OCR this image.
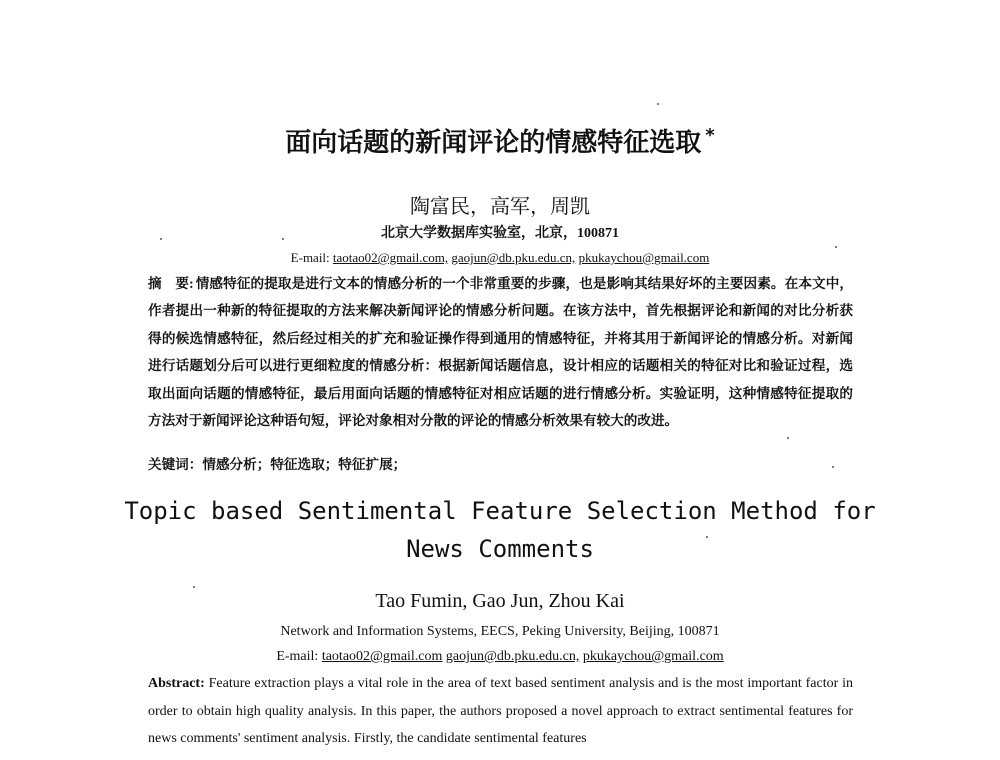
面向话题的新闻评论的情感特征选取 *
陶富民，高军，周凯
北京大学数据库实验室，北京，100871
E-mail: taotao02@gmail.com, gaojun@db.pku.edu.cn, pkukaychou@gmail.com
摘　要: 情感特征的提取是进行文本的情感分析的一个非常重要的步骤，也是影响其结果好坏的主要因素。在本文中，作者提出一种新的特征提取的方法来解决新闻评论的情感分析问题。在该方法中，首先根据评论和新闻的对比分析获得的候选情感特征，然后经过相关的扩充和验证操作得到通用的情感特征，并将其用于新闻评论的情感分析。对新闻进行话题划分后可以进行更细粒度的情感分析：根据新闻话题信息，设计相应的话题相关的特征对比和验证过程，选取出面向话题的情感特征，最后用面向话题的情感特征对相应话题的进行情感分析。实验证明，这种情感特征提取的方法对于新闻评论这种语句短，评论对象相对分散的评论的情感分析效果有较大的改进。
关键词：情感分析；特征选取；特征扩展；
Topic based Sentimental Feature Selection Method for
News Comments
Tao Fumin, Gao Jun, Zhou Kai
Network and Information Systems, EECS, Peking University, Beijing, 100871
E-mail: taotao02@gmail.com gaojun@db.pku.edu.cn, pkukaychou@gmail.com
Abstract: Feature extraction plays a vital role in the area of text based sentiment analysis and is the most important factor in order to obtain high quality analysis. In this paper, the authors proposed a novel approach to extract sentimental features for news comments' sentiment analysis. Firstly, the candidate sentimental features
